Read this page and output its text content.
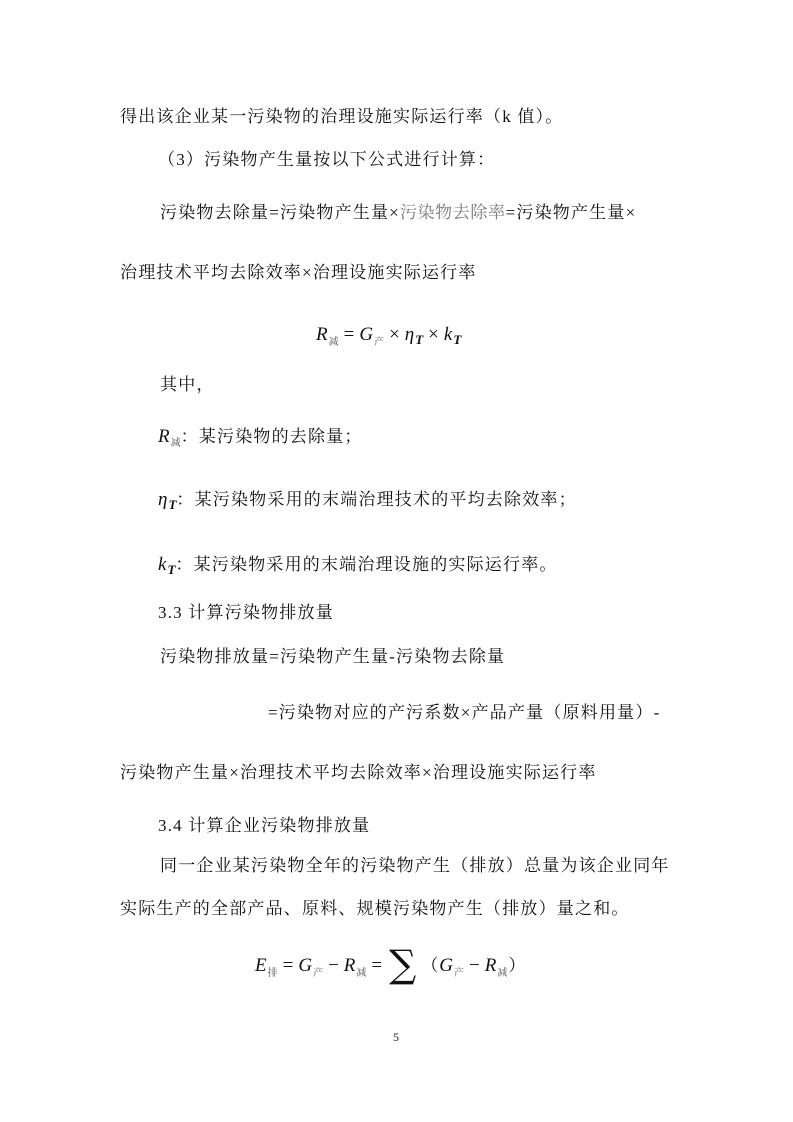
得出该企业某一污染物的治理设施实际运行率（k 值）。
（3）污染物产生量按以下公式进行计算：
污染物去除量=污染物产生量×污染物去除率=污染物产生量×
治理技术平均去除效率×治理设施实际运行率
R 减 = G 产 × η T × k T
其中，
$R_减$：某污染物的去除量；
$\eta_T$：某污染物采用的末端治理技术的平均去除效率；
$k_T$：某污染物采用的末端治理设施的实际运行率。
3.3 计算污染物排放量
污染物排放量=污染物产生量-污染物去除量
=污染物对应的产污系数×产品产量（原料用量）-
污染物产生量×治理技术平均去除效率×治理设施实际运行率
3.4 计算企业污染物排放量
同一企业某污染物全年的污染物产生（排放）总量为该企业同年
实际生产的全部产品、原料、规模污染物产生（排放）量之和。
E 排 = G 产 − R 减 = ∑ （ G 产 − R 减 ）
5
